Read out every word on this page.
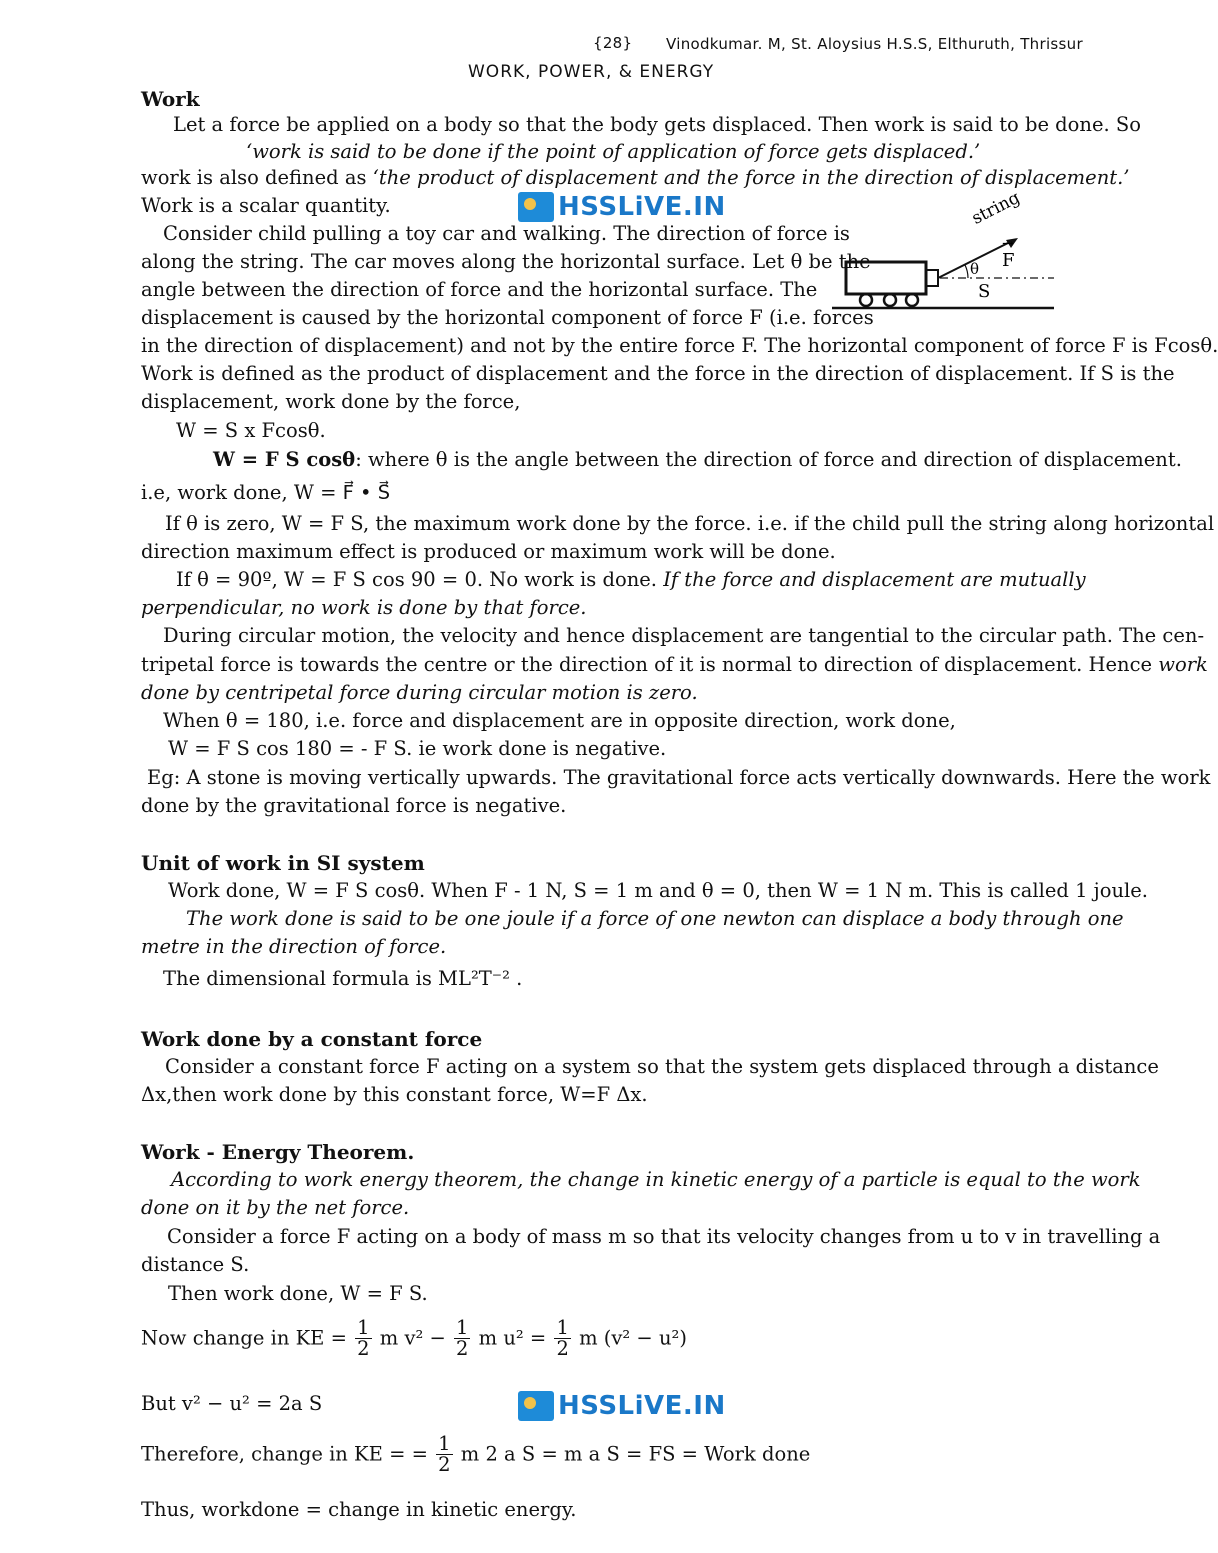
{28} Vinodkumar. M, St. Aloysius H.S.S, Elthuruth, Thrissur
WORK, POWER, & ENERGY
HSSLiVE.IN
HSSLiVE.IN
string
F
→
θ
S
Work
Let a force be applied on a body so that the body gets displaced. Then work is said to be done. So
‘work is said to be done if the point of application of force gets displaced.’
work is also defined as ‘the product of displacement and the force in the direction of displacement.’
Work is a scalar quantity.
Consider child pulling a toy car and walking. The direction of force is
along the string. The car moves along the horizontal surface. Let θ be the
angle between the direction of force and the horizontal surface. The
displacement is caused by the horizontal component of force F (i.e. forces
in the direction of displacement) and not by the entire force F. The horizontal component of force F is Fcosθ.
Work is defined as the product of displacement and the force in the direction of displacement. If S is the
displacement, work done by the force,
W = S x Fcosθ.
W = F S cosθ: where θ is the angle between the direction of force and direction of displacement.
i.e, work done, W = F⃗ • S⃗
If θ is zero, W = F S, the maximum work done by the force. i.e. if the child pull the string along horizontal
direction maximum effect is produced or maximum work will be done.
If θ = 90º, W = F S cos 90 = 0. No work is done. If the force and displacement are mutually
perpendicular, no work is done by that force.
During circular motion, the velocity and hence displacement are tangential to the circular path. The cen-
tripetal force is towards the centre or the direction of it is normal to direction of displacement. Hence work
done by centripetal force during circular motion is zero.
When θ = 180, i.e. force and displacement are in opposite direction, work done,
W = F S cos 180 = - F S. ie work done is negative.
Eg: A stone is moving vertically upwards. The gravitational force acts vertically downwards. Here the work
done by the gravitational force is negative.
Unit of work in SI system
Work done, W = F S cosθ. When F - 1 N, S = 1 m and θ = 0, then W = 1 N m. This is called 1 joule.
The work done is said to be one joule if a force of one newton can displace a body through one
metre in the direction of force.
The dimensional formula is ML²T⁻² .
Work done by a constant force
Consider a constant force F acting on a system so that the system gets displaced through a distance
Δx,then work done by this constant force, W=F Δx.
Work - Energy Theorem.
According to work energy theorem, the change in kinetic energy of a particle is equal to the work
done on it by the net force.
Consider a force F acting on a body of mass m so that its velocity changes from u to v in travelling a
distance S.
Then work done, W = F S.
Now change in KE = $\frac{1}{2}$ m $v^2 - \frac{1}{2}$ m $u^2 = \frac{1}{2}$ m (v² − u²)
But v² − u² = 2a S
Therefore, change in KE = = $\frac{1}{2}$ m 2 a S = m a S = FS = Work done
Thus, workdone = change in kinetic energy.
